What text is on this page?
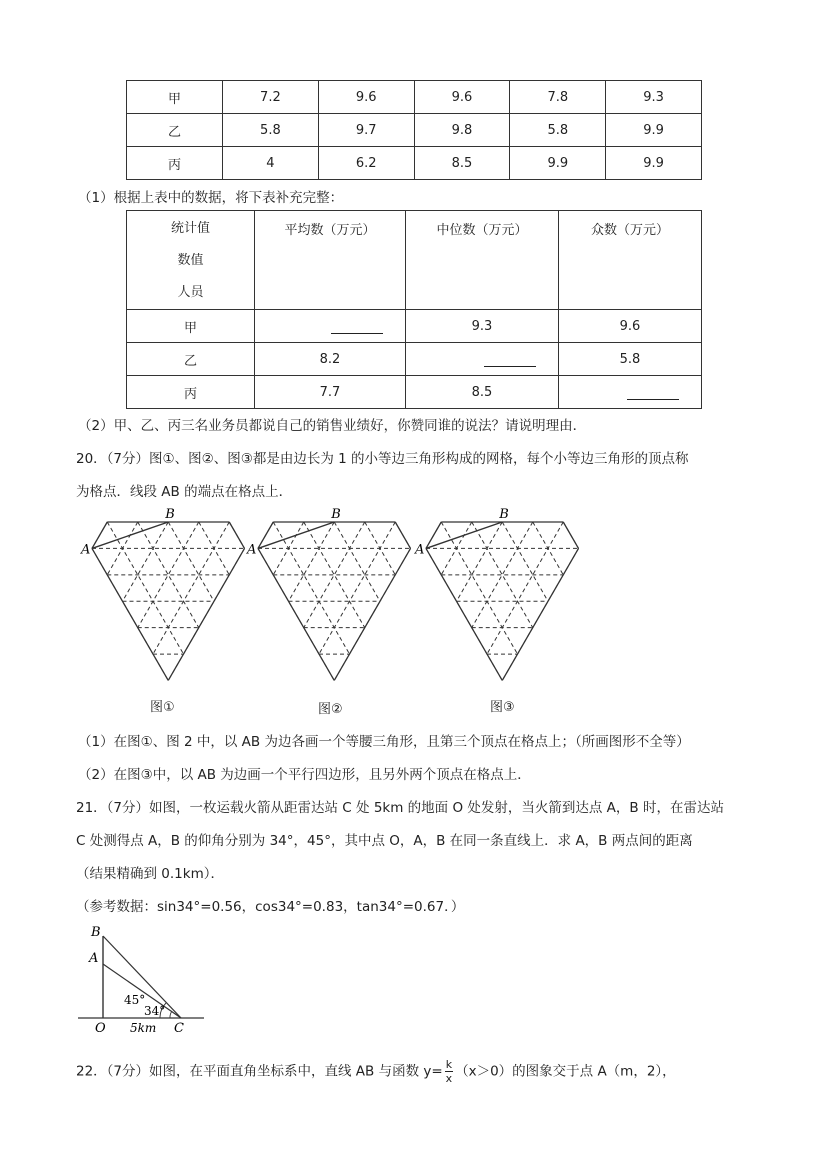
甲	7.2	9.6	9.6	7.8	9.3
乙	5.8	9.7	9.8	5.8	9.9
丙	4	6.2	8.5	9.9	9.9
（1）根据上表中的数据，将下表补充完整：
统计值
数值
人员	平均数（万元）	中位数（万元）	众数（万元）
甲		9.3	9.6
乙	8.2		5.8
丙	7.7	8.5	
（2）甲、乙、丙三名业务员都说自己的销售业绩好，你赞同谁的说法？请说明理由．
20．（7分）图①、图②、图③都是由边长为 1 的小等边三角形构成的网格，每个小等边三角形的顶点称
为格点．线段 AB 的端点在格点上．
A
B
A
B
A
B
图①	图②	图③
（1）在图①、图 2 中，以 AB 为边各画一个等腰三角形，且第三个顶点在格点上；（所画图形不全等）
（2）在图③中，以 AB 为边画一个平行四边形，且另外两个顶点在格点上．
21．（7分）如图，一枚运载火箭从距雷达站 C 处 5km 的地面 O 处发射，当火箭到达点 A，B 时，在雷达站
C 处测得点 A，B 的仰角分别为 34°，45°，其中点 O，A，B 在同一条直线上．求 A，B 两点间的距离
（结果精确到 0.1km）．
（参考数据：sin34°=0.56，cos34°=0.83，tan34°=0.67．）
B
A
O	C
45°
34°
5km
22．（7分）如图，在平面直角坐标系中，直线 AB 与函数 $y= \frac{k}{x} (x>0)$的图象交于点 A（m，2），
